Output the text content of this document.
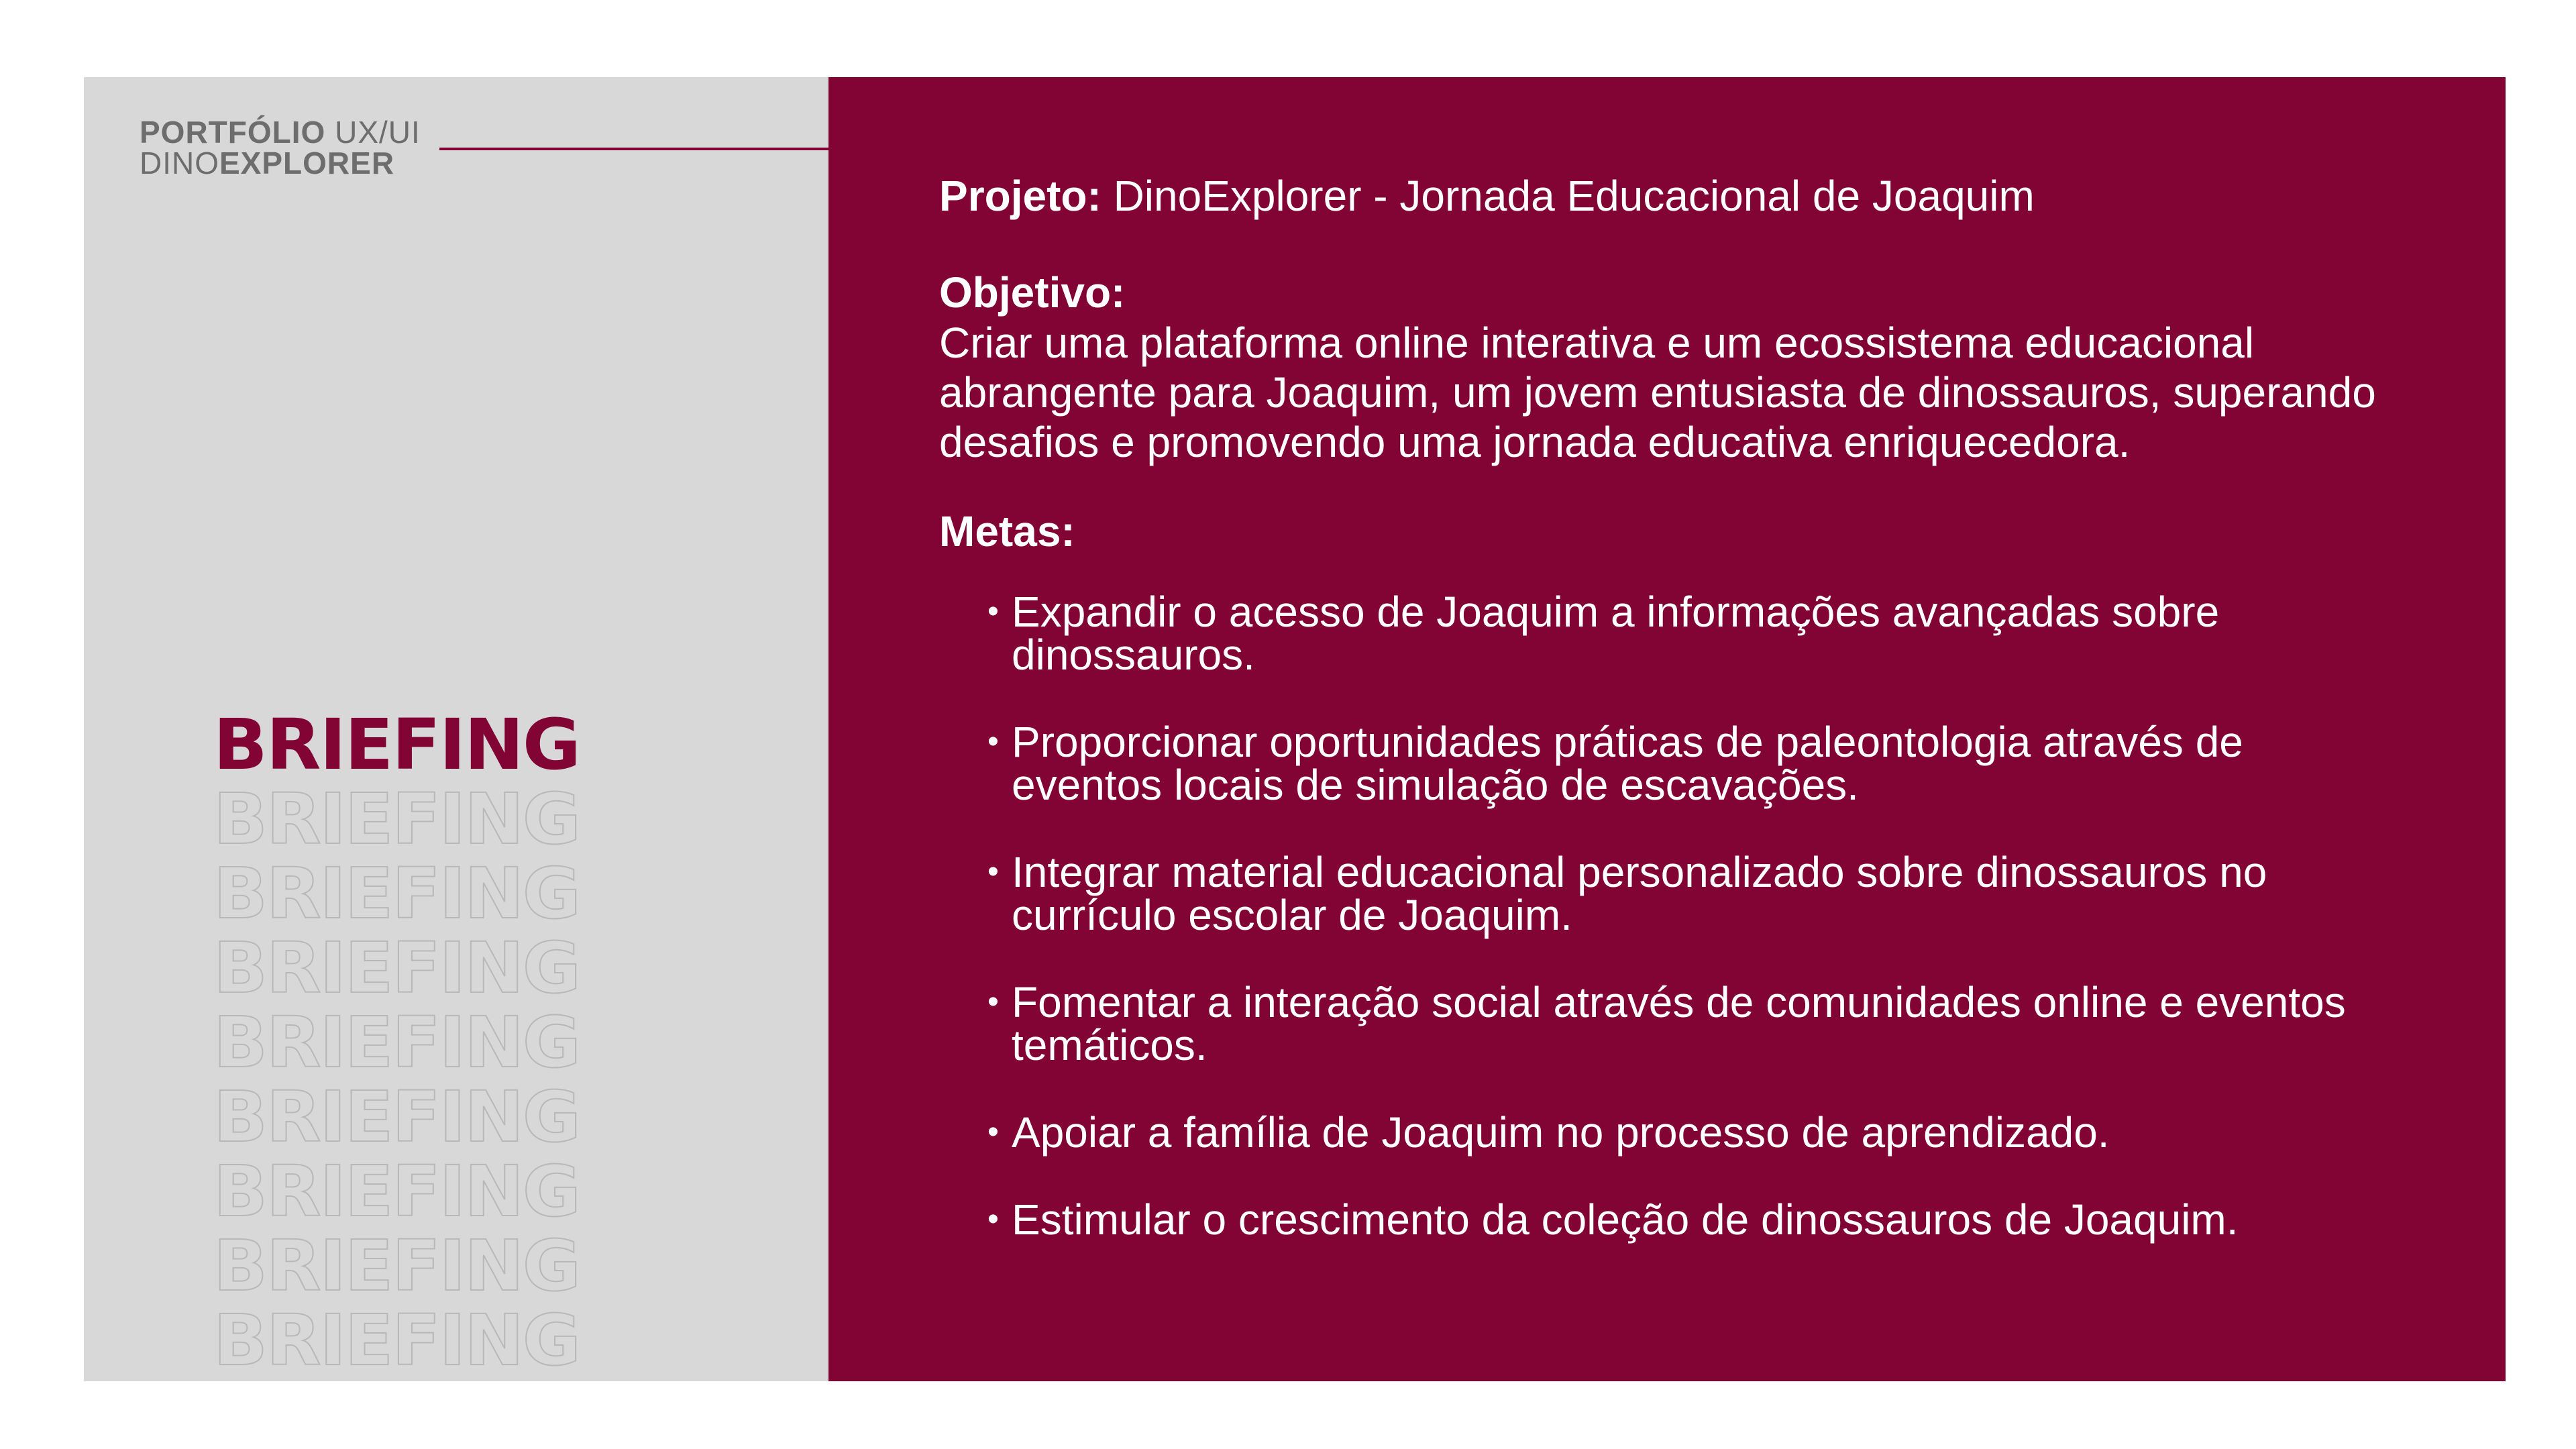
PORTFÓLIO UX/UI
DINOEXPLORER
BRIEFING
BRIEFING
BRIEFING
BRIEFING
BRIEFING
BRIEFING
BRIEFING
BRIEFING
BRIEFING
Projeto: DinoExplorer - Jornada Educacional de Joaquim
Objetivo:
Criar uma plataforma online interativa e um ecossistema educacional abrangente para Joaquim, um jovem entusiasta de dinossauros, superando desafios e promovendo uma jornada educativa enriquecedora.
Metas:
• Expandir o acesso de Joaquim a informações avançadas sobre dinossauros.
• Proporcionar oportunidades práticas de paleontologia através de eventos locais de simulação de escavações.
• Integrar material educacional personalizado sobre dinossauros no currículo escolar de Joaquim.
• Fomentar a interação social através de comunidades online e eventos temáticos.
• Apoiar a família de Joaquim no processo de aprendizado.
• Estimular o crescimento da coleção de dinossauros de Joaquim.
